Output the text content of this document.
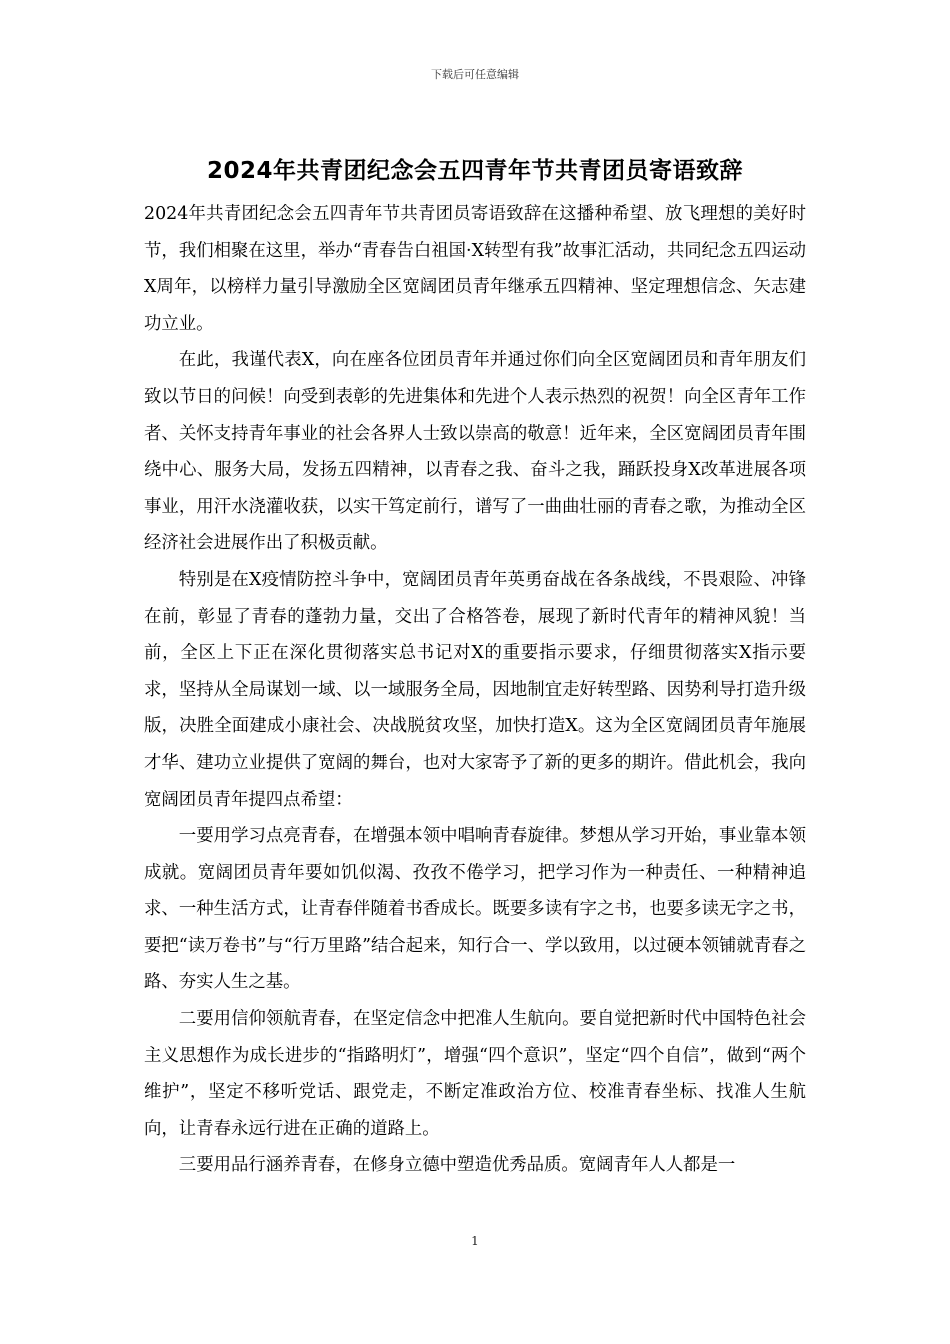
下载后可任意编辑
2024年共青团纪念会五四青年节共青团员寄语致辞

2024年共青团纪念会五四青年节共青团员寄语致辞在这播种希望、放飞理想的美好时节，我们相聚在这里，举办“青春告白祖国·X转型有我”故事汇活动，共同纪念五四运动X周年，以榜样力量引导激励全区宽阔团员青年继承五四精神、坚定理想信念、矢志建功立业。

在此，我谨代表X，向在座各位团员青年并通过你们向全区宽阔团员和青年朋友们致以节日的问候！向受到表彰的先进集体和先进个人表示热烈的祝贺！向全区青年工作者、关怀支持青年事业的社会各界人士致以崇高的敬意！近年来，全区宽阔团员青年围绕中心、服务大局，发扬五四精神，以青春之我、奋斗之我，踊跃投身X改革进展各项事业，用汗水浇灌收获，以实干笃定前行，谱写了一曲曲壮丽的青春之歌，为推动全区经济社会进展作出了积极贡献。

特别是在X疫情防控斗争中，宽阔团员青年英勇奋战在各条战线，不畏艰险、冲锋在前，彰显了青春的蓬勃力量，交出了合格答卷，展现了新时代青年的精神风貌！当前，全区上下正在深化贯彻落实总书记对X的重要指示要求，仔细贯彻落实X指示要求，坚持从全局谋划一域、以一域服务全局，因地制宜走好转型路、因势利导打造升级版，决胜全面建成小康社会、决战脱贫攻坚，加快打造X。这为全区宽阔团员青年施展才华、建功立业提供了宽阔的舞台，也对大家寄予了新的更多的期许。借此机会，我向宽阔团员青年提四点希望：

一要用学习点亮青春，在增强本领中唱响青春旋律。梦想从学习开始，事业靠本领成就。宽阔团员青年要如饥似渴、孜孜不倦学习，把学习作为一种责任、一种精神追求、一种生活方式，让青春伴随着书香成长。既要多读有字之书，也要多读无字之书，要把“读万卷书”与“行万里路”结合起来，知行合一、学以致用，以过硬本领铺就青春之路、夯实人生之基。

二要用信仰领航青春，在坚定信念中把准人生航向。要自觉把新时代中国特色社会主义思想作为成长进步的“指路明灯”，增强“四个意识”，坚定“四个自信”，做到“两个维护”，坚定不移听党话、跟党走，不断定准政治方位、校准青春坐标、找准人生航向，让青春永远行进在正确的道路上。

三要用品行涵养青春，在修身立德中塑造优秀品质。宽阔青年人人都是一

1
